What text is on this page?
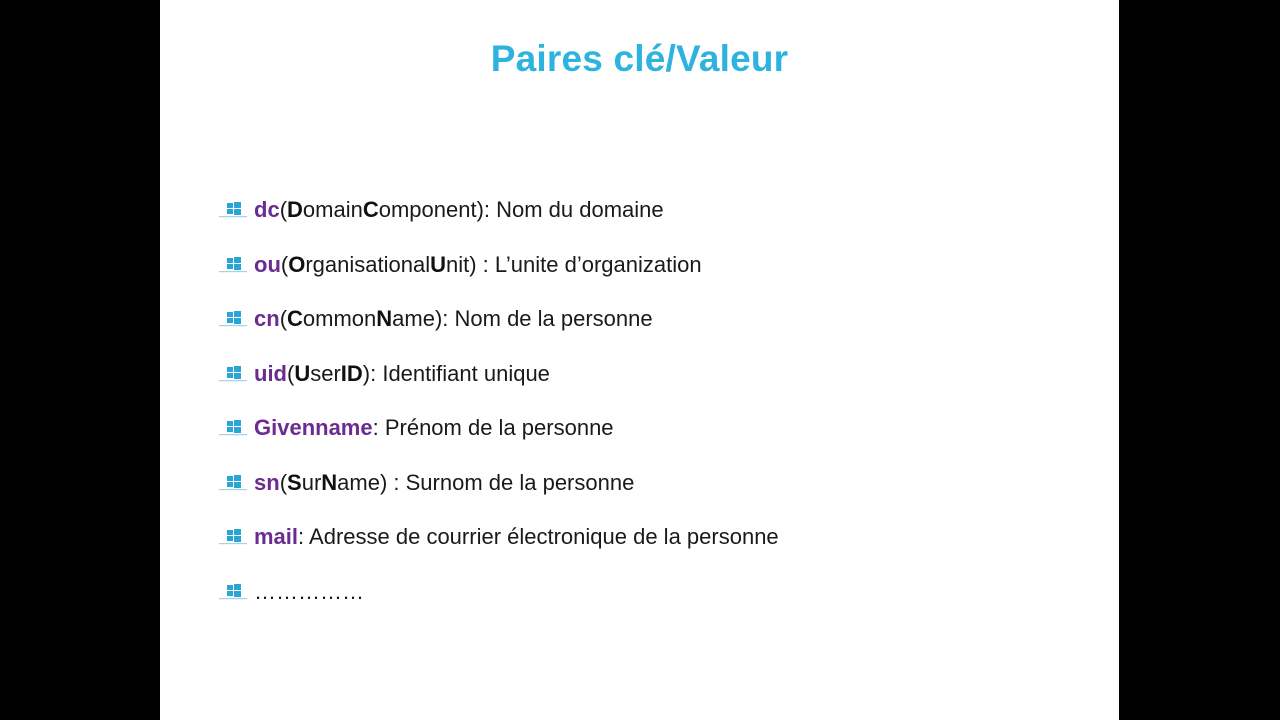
Paires clé/Valeur
dc ( D omain C omponent): Nom du domaine
ou ( O rganisational U nit) : L’unite d’organization
cn ( C ommon N ame): Nom de la personne
uid ( U ser ID ): Identifiant unique
Givenname : Prénom de la personne
sn ( S ur N ame) : Surnom de la personne
mail : Adresse de courrier électronique de la personne
……………
